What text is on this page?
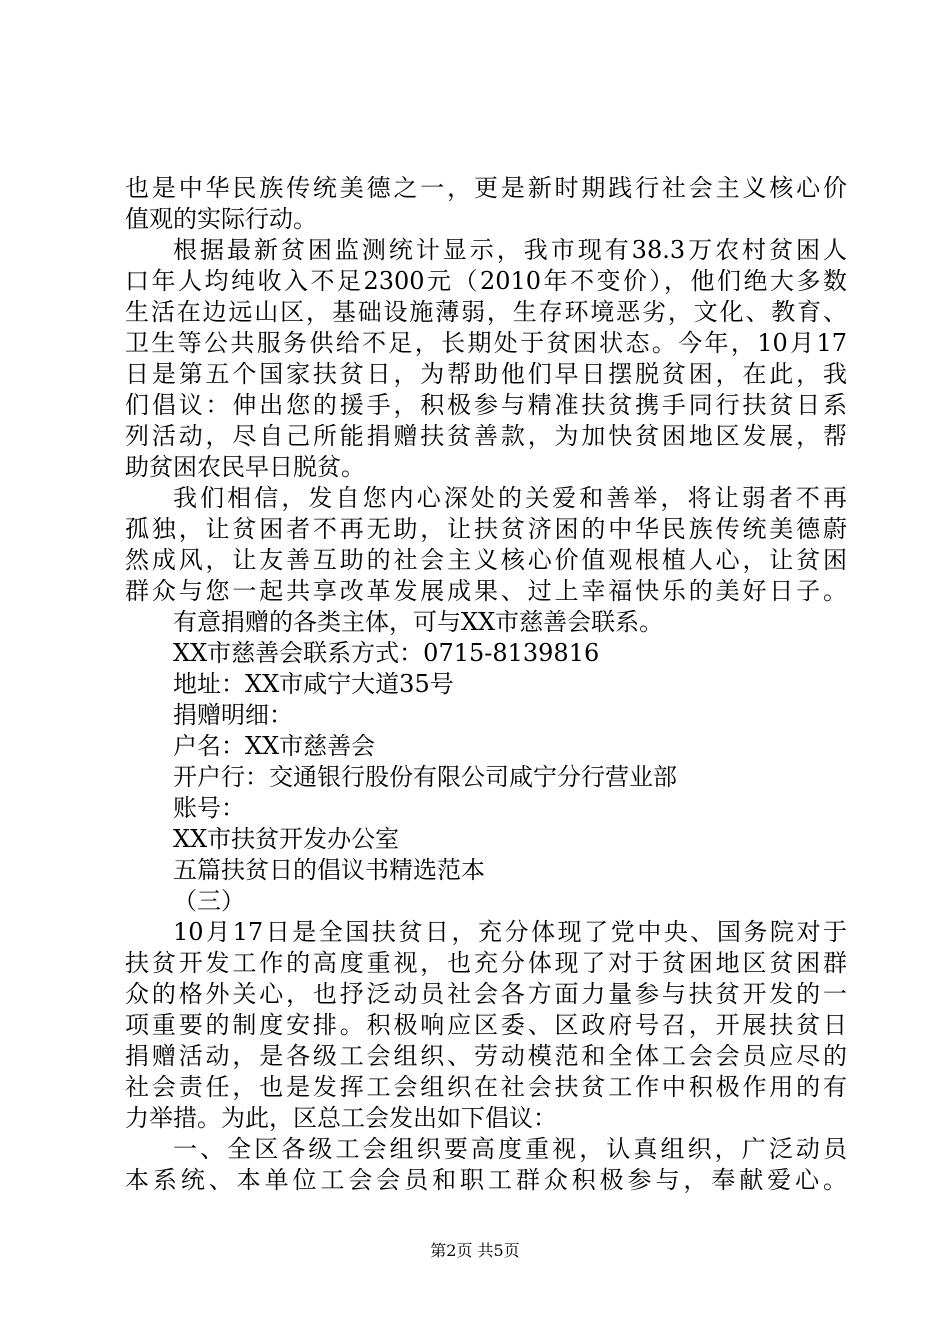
也是中华民族传统美德之一，更是新时期践行社会主义核心价
值观的实际行动。
根据最新贫困监测统计显示，我市现有38.3万农村贫困人
口年人均纯收入不足2300元（2010年不变价），他们绝大多数
生活在边远山区，基础设施薄弱，生存环境恶劣，文化、教育、
卫生等公共服务供给不足，长期处于贫困状态。今年，10月17
日是第五个国家扶贫日，为帮助他们早日摆脱贫困，在此，我
们倡议：伸出您的援手，积极参与精准扶贫携手同行扶贫日系
列活动，尽自己所能捐赠扶贫善款，为加快贫困地区发展，帮
助贫困农民早日脱贫。
我们相信，发自您内心深处的关爱和善举，将让弱者不再
孤独，让贫困者不再无助，让扶贫济困的中华民族传统美德蔚
然成风，让友善互助的社会主义核心价值观根植人心，让贫困
群众与您一起共享改革发展成果、过上幸福快乐的美好日子。
有意捐赠的各类主体，可与XX市慈善会联系。
XX市慈善会联系方式：0715-8139816
地址：XX市咸宁大道35号
捐赠明细：
户名：XX市慈善会
开户行：交通银行股份有限公司咸宁分行营业部
账号：
XX市扶贫开发办公室
五篇扶贫日的倡议书精选范本
（三）
10月17日是全国扶贫日，充分体现了党中央、国务院对于
扶贫开发工作的高度重视，也充分体现了对于贫困地区贫困群
众的格外关心，也抒泛动员社会各方面力量参与扶贫开发的一
项重要的制度安排。积极响应区委、区政府号召，开展扶贫日
捐赠活动，是各级工会组织、劳动模范和全体工会会员应尽的
社会责任，也是发挥工会组织在社会扶贫工作中积极作用的有
力举措。为此，区总工会发出如下倡议：
一、全区各级工会组织要高度重视，认真组织，广泛动员
本系统、本单位工会会员和职工群众积极参与，奉献爱心。
第2页 共5页
